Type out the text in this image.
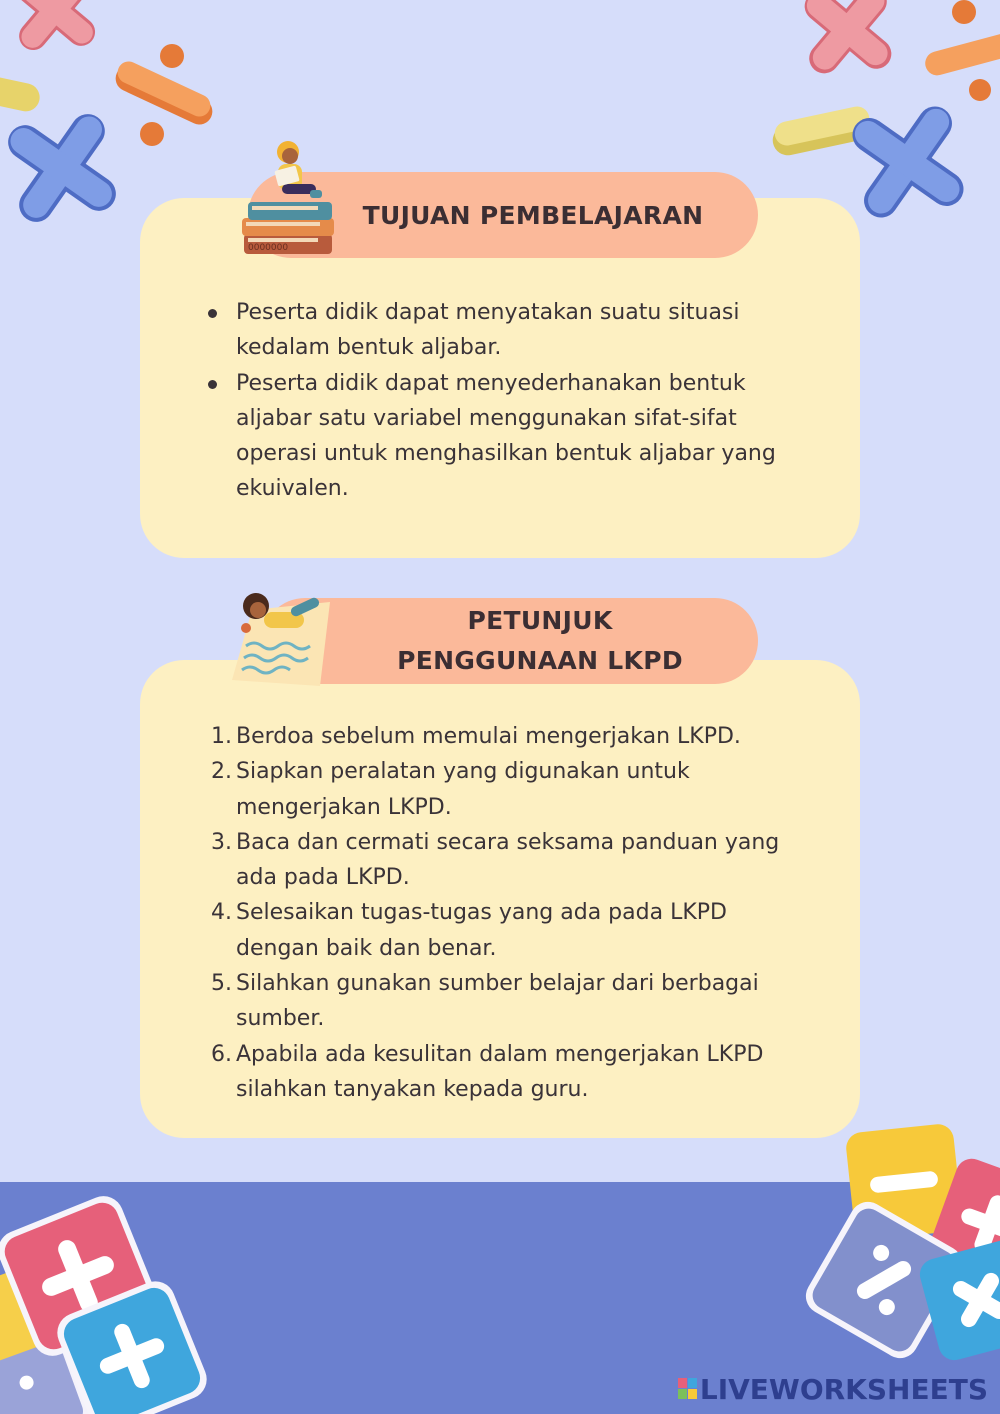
TUJUAN PEMBELAJARAN
0000000
Peserta didik dapat menyatakan suatu situasi kedalam bentuk aljabar.
Peserta didik dapat menyederhanakan bentuk aljabar satu variabel menggunakan sifat-sifat operasi untuk menghasilkan bentuk aljabar yang ekuivalen.
PETUNJUK PENGGUNAAN LKPD
1. Berdoa sebelum memulai mengerjakan LKPD.
2. Siapkan peralatan yang digunakan untuk mengerjakan LKPD.
3. Baca dan cermati secara seksama panduan yang ada pada LKPD.
4. Selesaikan tugas-tugas yang ada pada LKPD dengan baik dan benar.
5. Silahkan gunakan sumber belajar dari berbagai sumber.
6. Apabila ada kesulitan dalam mengerjakan LKPD silahkan tanyakan kepada guru.
LIVEWORKSHEETS
